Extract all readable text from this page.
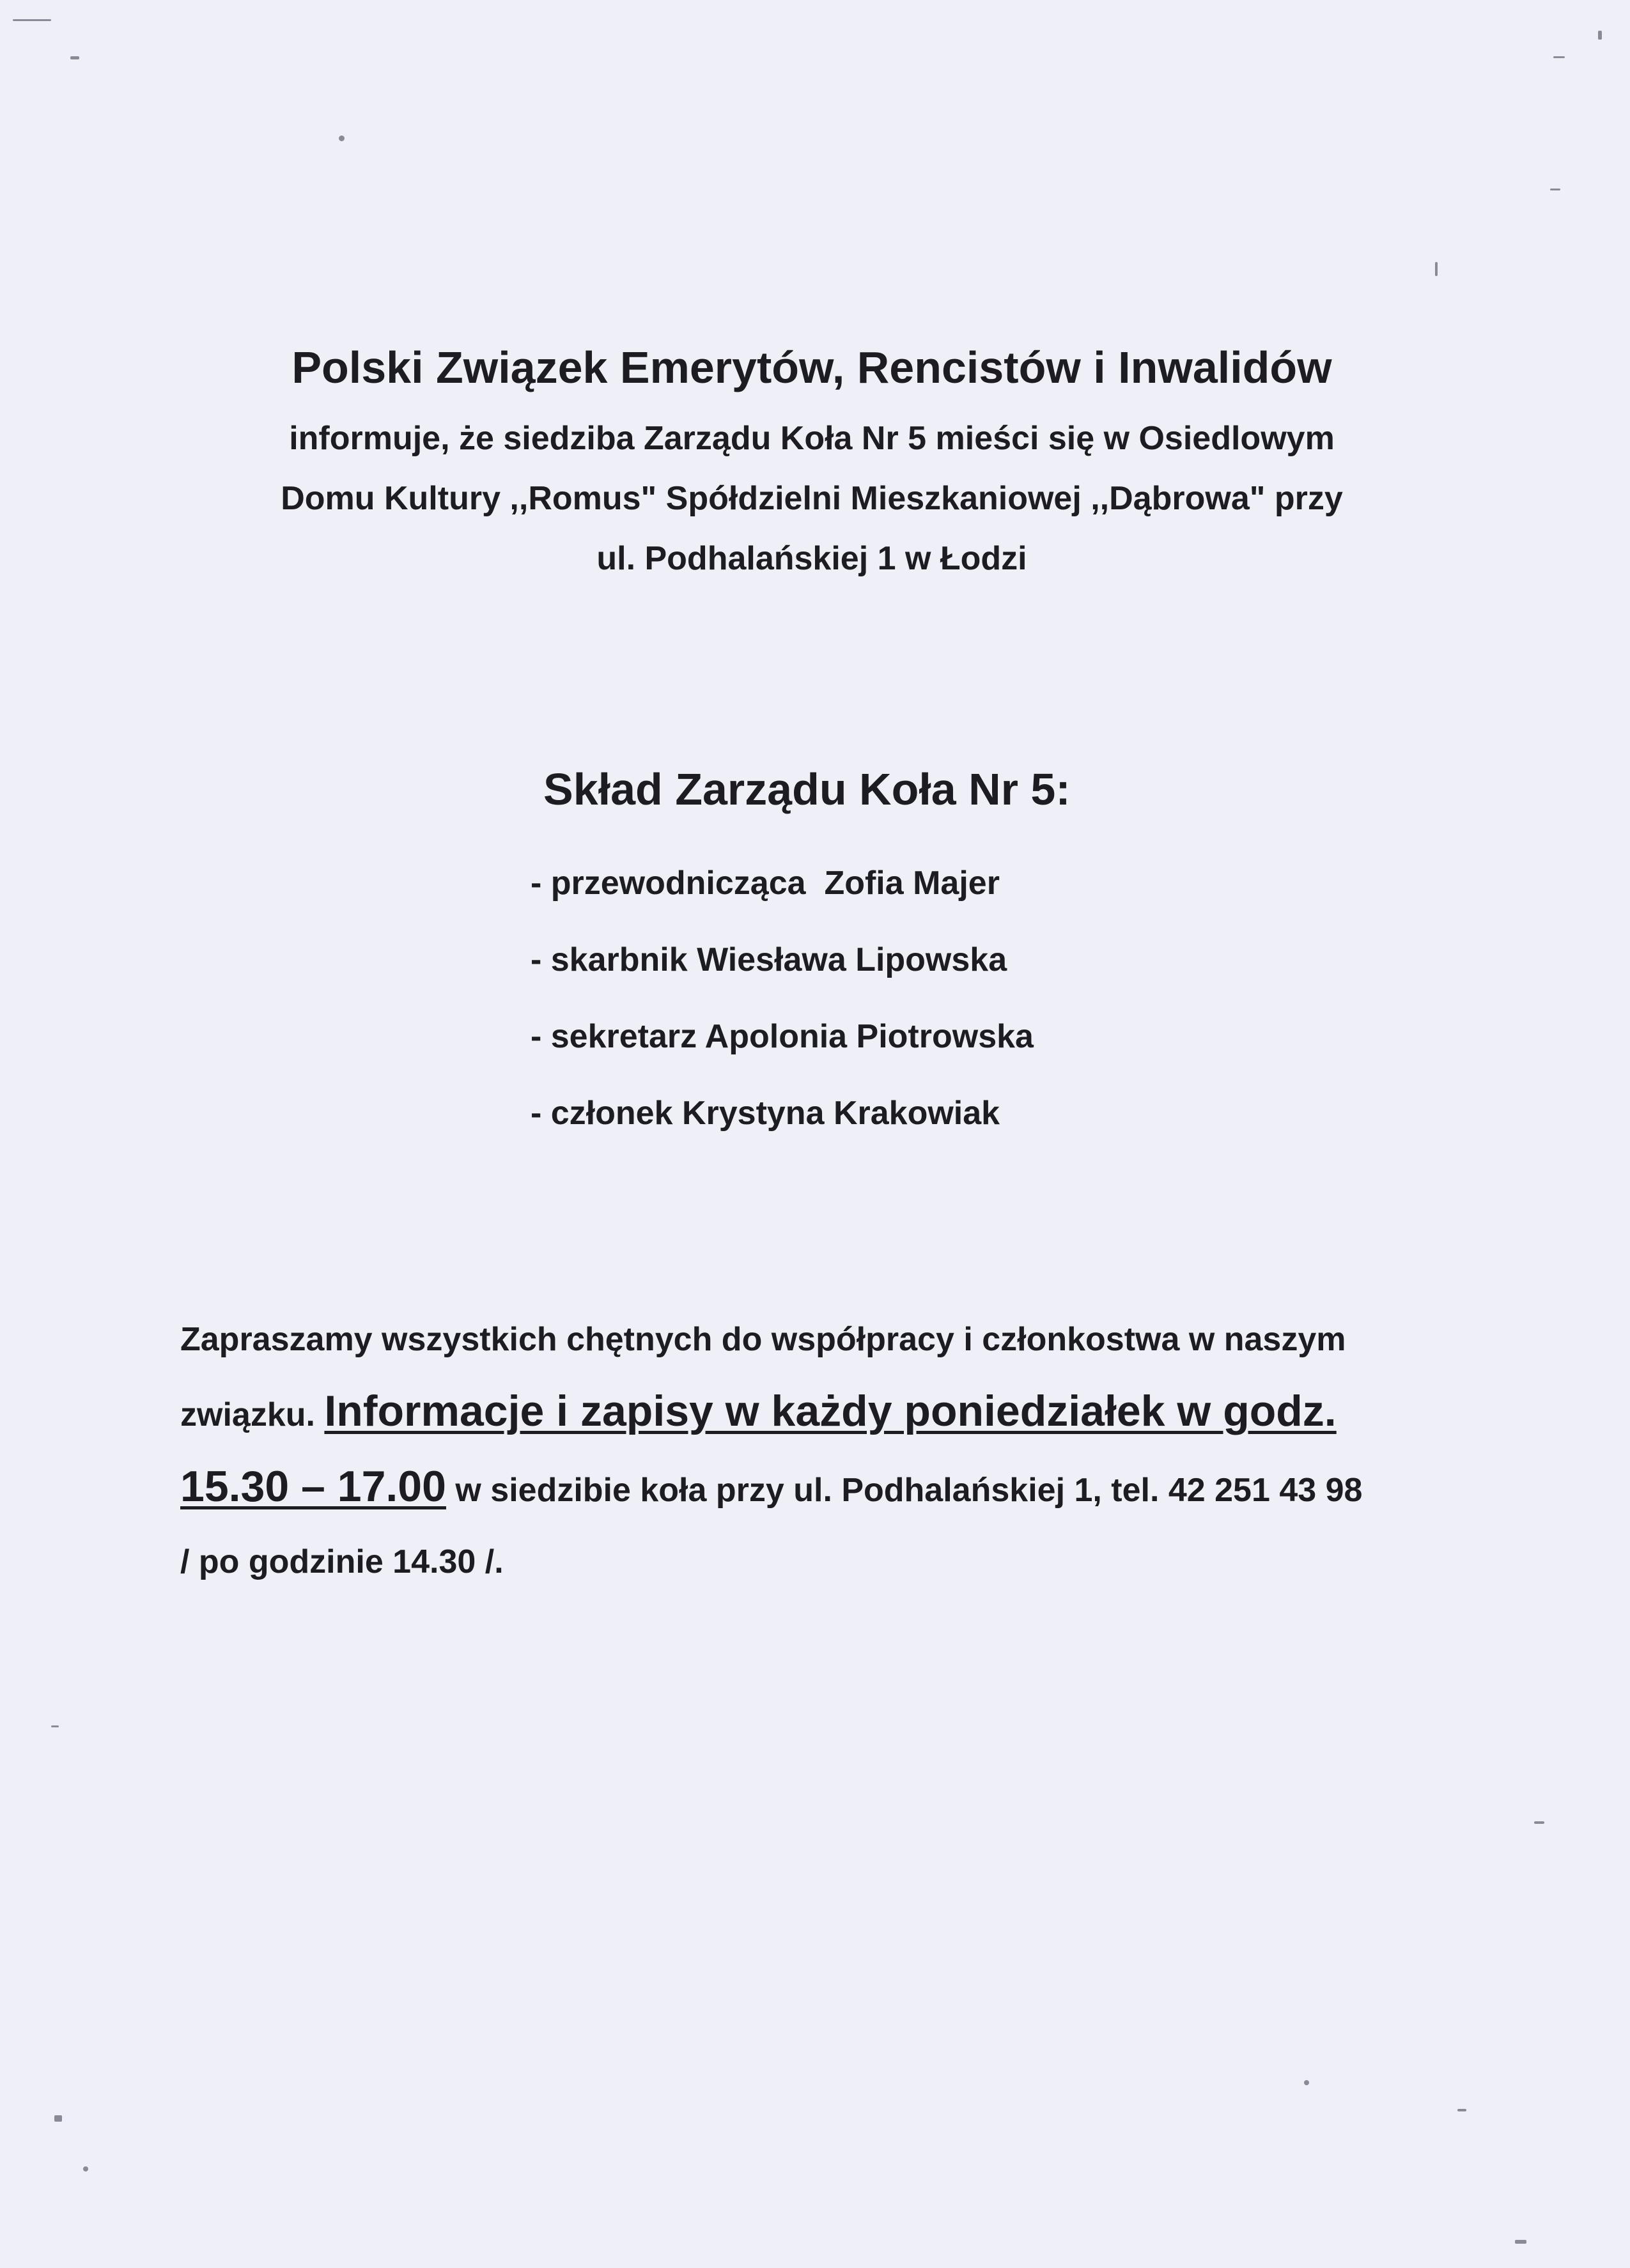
Polski Związek Emerytów, Rencistów i Inwalidów

informuje, że siedziba Zarządu Koła Nr 5 mieści się w Osiedlowym

Domu Kultury ,,Romus" Spółdzielni Mieszkaniowej ,,Dąbrowa" przy

ul. Podhalańskiej 1 w Łodzi

Skład Zarządu Koła Nr 5:

- przewodnicząca  Zofia Majer

- skarbnik Wiesława Lipowska

- sekretarz Apolonia Piotrowska

- członek Krystyna Krakowiak

Zapraszamy wszystkich chętnych do współpracy i członkostwa w naszym

związku. Informacje i zapisy w każdy poniedziałek w godz.

15.30 – 17.00 w siedzibie koła przy ul. Podhalańskiej 1, tel. 42 251 43 98

/ po godzinie 14.30 /.
